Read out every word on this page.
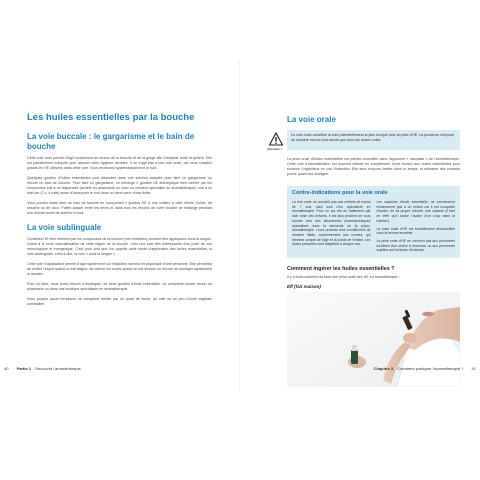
Les huiles essentielles par la bouche
La voie buccale : le gargarisme et le bain de bouche
Cette voie vous permet d'agir localement au niveau de la bouche et de la gorge afin d'assainir toute la sphère. Elle est parfaitement indiquée pour assurer votre hygiène dentaire. Il ne s'agit pas d'une voie orale, car vous n'avalez jamais les HE utilisées dans cette voie. Vous recrachez systématiquement le tout.
Quelques gouttes d'huiles essentielles sont dissoutes dans une solution adaptée pour faire un gargarisme ou encore un bain de bouche. Pour faire un gargarisme, on mélange 2 gouttes HE antiseptique bien tolérée par les muqueuses soit à un dispersant (achetè en pharmacie ou chez un vendeur spécialisé en aromathérapie), soit à un miel bio (2 c. à café) avant d'incorporer le tout dans un demi-verre d'eau tiède.
Vous pouvez aussi faire un bain de bouche en incorporant 2 gouttes HE à une cuillère à café d'huile d'olive, de sésame ou de coco. Faites passer entre les dents et dans tous les recoins de votre bouche ce mélange pendant une minute avant de cracher le tout.
La voie sublinguale
Certaines HE bien tolérées par les muqueuses de la bouche (non irritantes) peuvent être appliquées sous la langue. Grâce à la riche vascularisation de cette région de la bouche, c'est une voie très intéressante d'un point de vue neurologique et énergétique. C'est pour cela que l'on appelle cette mode d'application des huiles essentielles, la voie sublinguale, c'est-à-dire, la voie « sous la langue ».
Cette voie d'application permet d'agir rapidement sur l'équilibre nerveux et psychique d'une personne. Elle permettra de mettre l'esprit quand on est fatigué, de calmer les excès quand on est stressé ou encore de soulager rapidement la nausée.
Pour ce faire, vous aurez besoin d'imprégner, de deux gouttes d'huile essentielle, un comprimé neutre vendu en pharmacie ou dans une boutique spécialisée en aromathérapie.
Vous pouvez aussi remplacer ce comprimé neutre par un quart de sucre, du miel ou un peu d'huile végétale comestible.
40 Partie 1 Découvrir l'aromathérapie
La voie orale
Attention !
La voie orale constitue la voie potentiellement la plus toxique pour la prise d'HE. La prudence s'impose de manière encore plus stricte que pour les autres voies.
La prise orale d'huiles essentielles est parfois conseillée dans l'approche « française » de l'aromathérapie. Cette voie d'administration est souvent utilisée en complément d'une friction aux huiles essentielles pour soutenir l'organisme en cas d'infection. Elle sera toujours limitée dans le temps, et tolérante des conseils précis quant aux dosages.
Contre-indications pour la voie orale
La voie orale ne convient pas aux enfants de moins de 7 ans, sauf avis d'un spécialiste en aromathérapie. Pour ce qui est du traitement par voie orale des enfants, il est plus prudent de vous tourner vers des laboratoires pharmaceutiques spécialisés dans la demande de la phyto-aromathérapie. Leurs produits sont conditionnés de manière fiable, conformément aux normes, qui tiennent compte de l'âge et du poids de l'enfant. Les doses prescrites sont adaptées à chaque cas.
Les capsules d'huile essentielle, ne conviennent évidemment pas à un enfant car il est incapable d'avaler, de sa propre volonté, une capsule (il faut en effet qu'il sache l'avaler d'un coup sans la mâcher).
La prise orale d'HE est formellement déconseillée chez la femme enceinte.
La prise orale d'HE ne convient pas aux personnes souffrant d'un ulcère à l'estomac ou aux personnes sujettes aux brûlures d'estomac.
Comment ingérer les huiles essentielles ?
Il y a trois manières de faire une prise orale des HE en aromathérapie :
Eff (fait maison)
Chapitre 3 Comment pratiquer l'aromathérapie ? 41
